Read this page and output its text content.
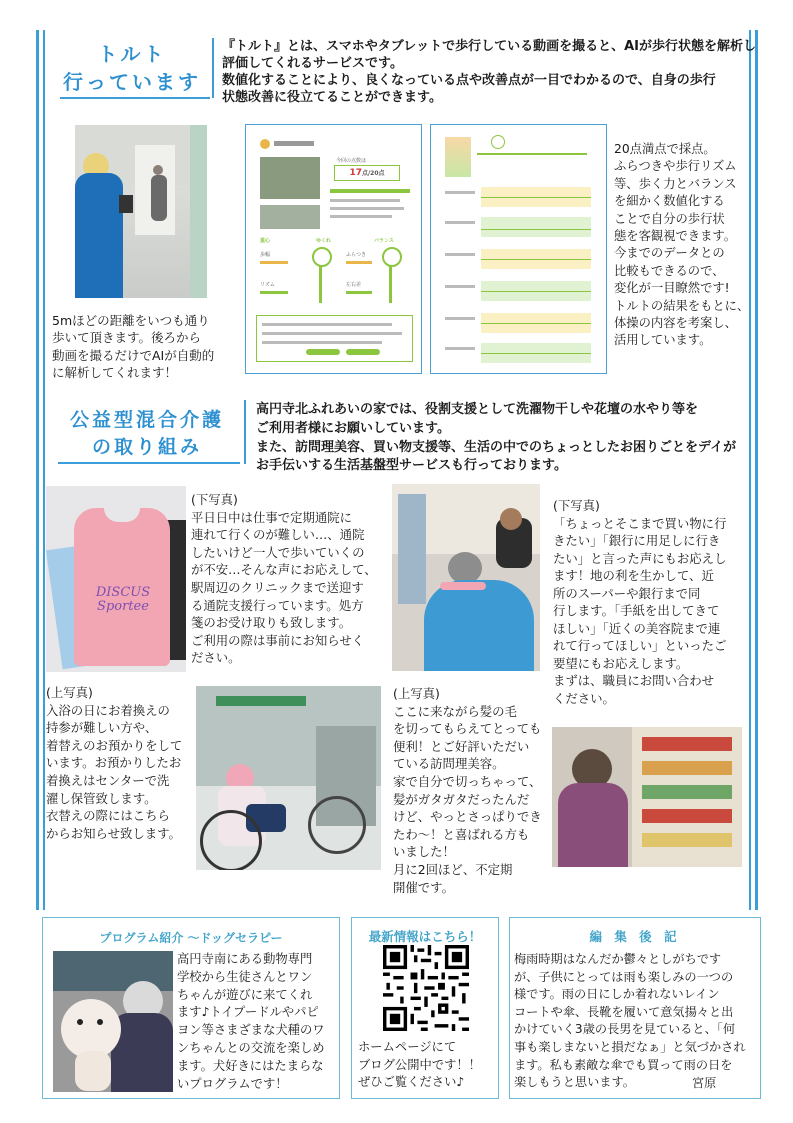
トルト
行っています
『トルト』とは、スマホやタブレットで歩行している動画を撮ると、AIが歩行状態を解析し
評価してくれるサービスです。
数値化することにより、良くなっている点や改善点が一目でわかるので、自身の歩行
状態改善に役立てることができます。
5mほどの距離をいつも通り
歩いて頂きます。後ろから
動画を撮るだけでAIが自動的
に解析してくれます！
今回の点数は
17点/20点
重心	ゆくれ	バランス
歩幅	ふらつき
リズム	左右差
20点満点で採点。
ふらつきや歩行リズム
等、歩く力とバランス
を細かく数値化する
ことで自分の歩行状
態を客観視できます。
今までのデータとの
比較もできるので、
変化が一目瞭然です!
トルトの結果をもとに、
体操の内容を考案し、
活用しています。
公益型混合介護
の取り組み
高円寺北ふれあいの家では、役割支援として洗濯物干しや花壇の水やり等を
ご利用者様にお願いしています。
また、訪問理美容、買い物支援等、生活の中でのちょっとしたお困りごとをデイが
お手伝いする生活基盤型サービスも行っております。
DISCUS
Sportee
(下写真)
平日日中は仕事で定期通院に
連れて行くのが難しい…、通院
したいけど一人で歩いていくの
が不安…そんな声にお応えして、
駅周辺のクリニックまで送迎す
る通院支援行っています。処方
箋のお受け取りも致します。
ご利用の際は事前にお知らせく
ださい。
(下写真)
「ちょっとそこまで買い物に行
きたい」「銀行に用足しに行き
たい」と言った声にもお応えし
ます！地の利を生かして、近
所のスーパーや銀行まで同
行します。「手紙を出してきて
ほしい」「近くの美容院まで連
れて行ってほしい」といったご
要望にもお応えします。
まずは、職員にお問い合わせ
ください。
(上写真)
入浴の日にお着換えの
持参が難しい方や、
着替えのお預かりをして
います。お預かりしたお
着換えはセンターで洗
濯し保管致します。
衣替えの際にはこちら
からお知らせ致します。
(上写真)
ここに来ながら髪の毛
を切ってもらえてとっても
便利！とご好評いただい
ている訪問理美容。
家で自分で切っちゃって、
髪がガタガタだったんだ
けど、やっとさっぱりでき
たわ～！と喜ばれる方も
いました！
月に2回ほど、不定期
開催です。
プログラム紹介 ～ドッグセラピー
高円寺南にある動物専門
学校から生徒さんとワン
ちゃんが遊びに来てくれ
ます♪トイプードルやパピ
ヨン等さまざまな犬種のワ
ンちゃんとの交流を楽しめ
ます。犬好きにはたまらな
いプログラムです！
最新情報はこちら！
ホームページにて
ブログ公開中です！！
ぜひご覧ください♪
編 集 後 記
梅雨時期はなんだか鬱々としがちです
が、子供にとっては雨も楽しみの一つの
様です。雨の日にしか着れないレイン
コートや傘、長靴を履いて意気揚々と出
かけていく3歳の長男を見ていると、「何
事も楽しまないと損だなぁ」と気づかされ
ます。私も素敵な傘でも買って雨の日を
楽しもうと思います。	宮原
